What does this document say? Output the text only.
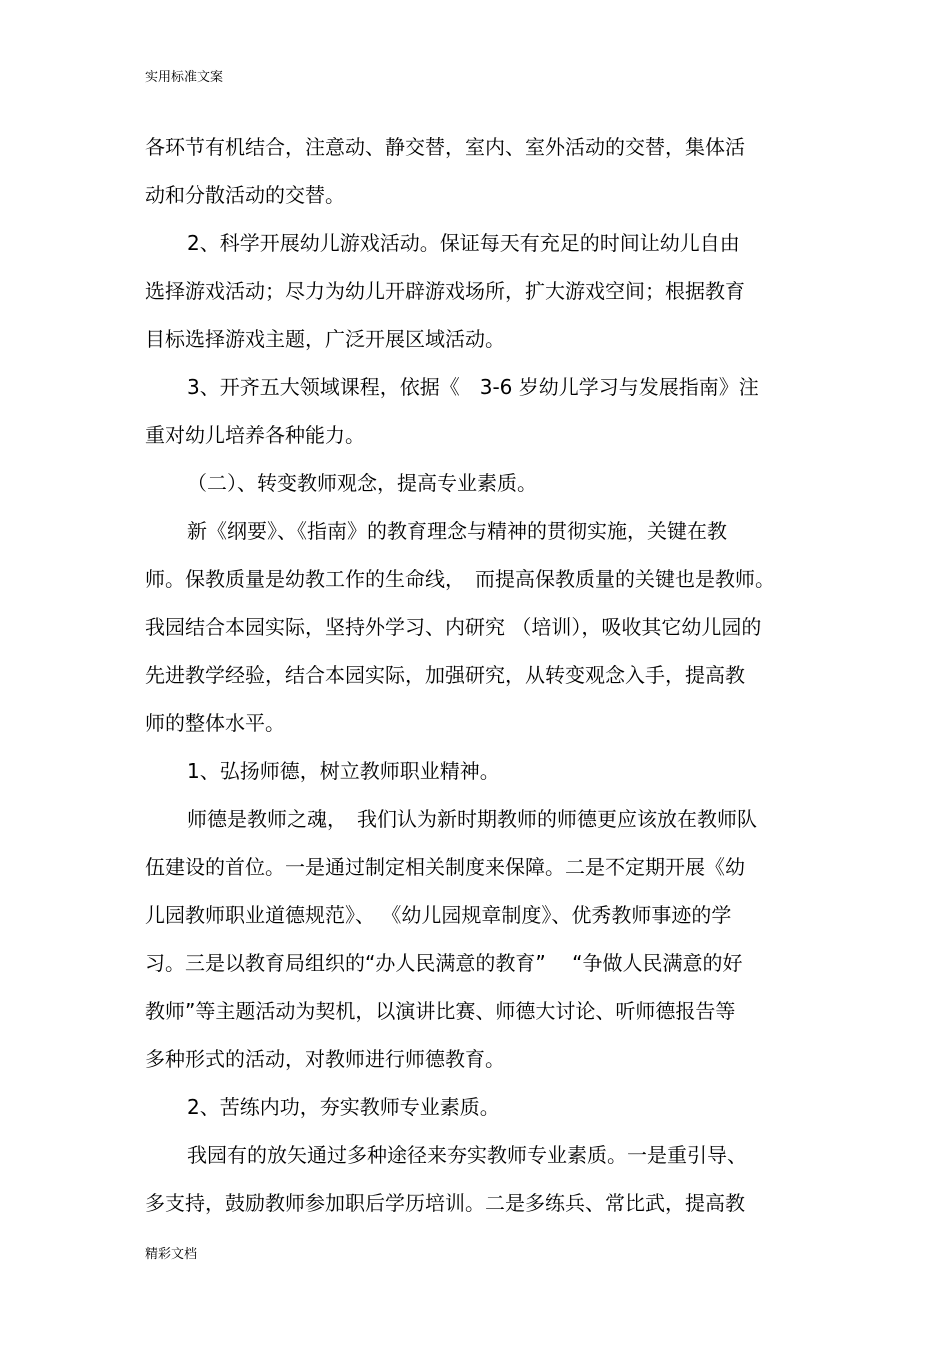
实用标准文案
各环节有机结合，注意动、静交替，室内、室外活动的交替，集体活
动和分散活动的交替。
2、科学开展幼儿游戏活动。保证每天有充足的时间让幼儿自由
选择游戏活动；尽力为幼儿开辟游戏场所，扩大游戏空间；根据教育
目标选择游戏主题，广泛开展区域活动。
3、开齐五大领域课程，依据《　3-6 岁幼儿学习与发展指南》注
重对幼儿培养各种能力。
（二）、转变教师观念，提高专业素质。
新《纲要》、《指南》的教育理念与精神的贯彻实施，关键在教
师。保教质量是幼教工作的生命线，　而提高保教质量的关键也是教师。
我园结合本园实际，坚持外学习、内研究 （培训），吸收其它幼儿园的
先进教学经验，结合本园实际，加强研究，从转变观念入手，提高教
师的整体水平。
1、弘扬师德，树立教师职业精神。
师德是教师之魂，　我们认为新时期教师的师德更应该放在教师队
伍建设的首位。一是通过制定相关制度来保障。二是不定期开展《幼
儿园教师职业道德规范》、 《幼儿园规章制度》、优秀教师事迹的学
习。三是以教育局组织的“办人民满意的教育”　 “争做人民满意的好
教师”等主题活动为契机，以演讲比赛、师德大讨论、听师德报告等
多种形式的活动，对教师进行师德教育。
2、苦练内功，夯实教师专业素质。
我园有的放矢通过多种途径来夯实教师专业素质。一是重引导、
多支持，鼓励教师参加职后学历培训。二是多练兵、常比武，提高教
精彩文档
